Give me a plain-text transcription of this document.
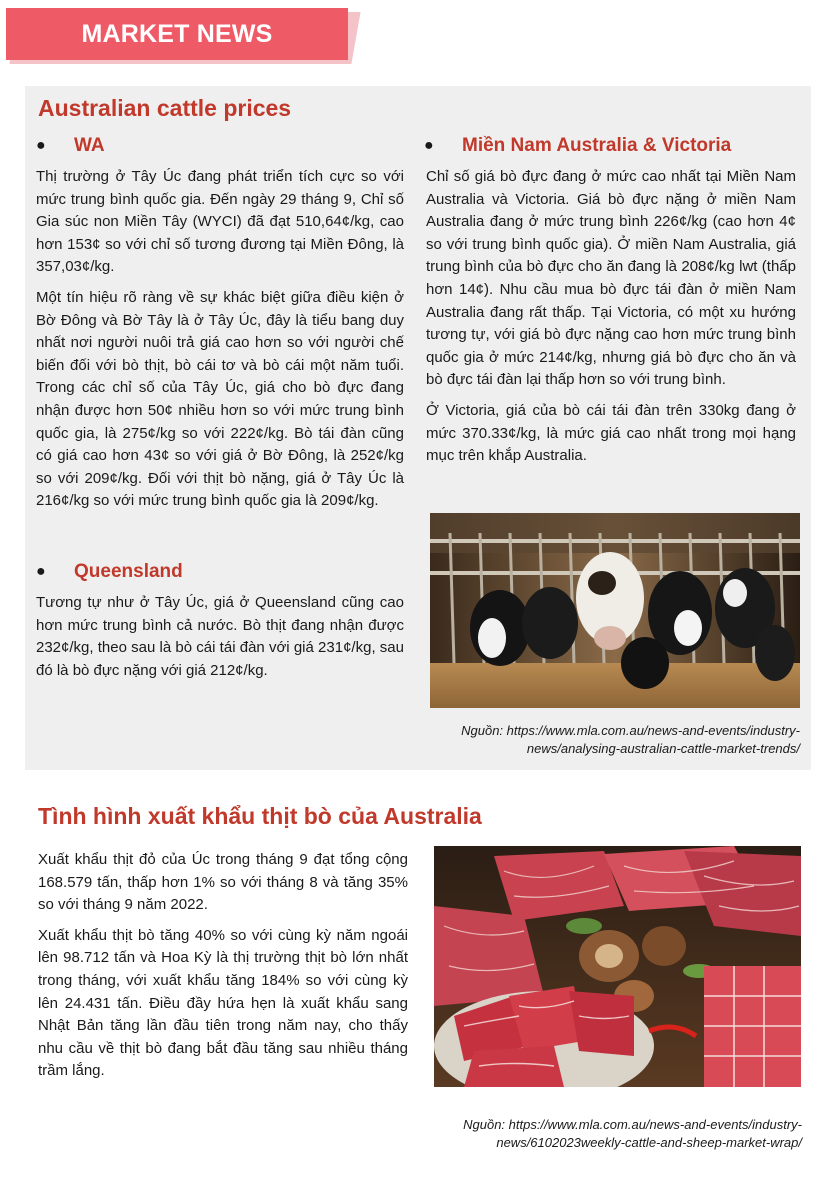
MARKET NEWS
Australian cattle prices
●	WA

Thị trường ở Tây Úc đang phát triển tích cực so với mức trung bình quốc gia. Đến ngày 29 tháng 9, Chỉ số Gia súc non Miền Tây (WYCI) đã đạt 510,64¢/kg, cao hơn 153¢ so với chỉ số tương đương tại Miền Đông, là 357,03¢/kg.

Một tín hiệu rõ ràng về sự khác biệt giữa điều kiện ở Bờ Đông và Bờ Tây là ở Tây Úc, đây là tiểu bang duy nhất nơi người nuôi trả giá cao hơn so với người chế biến đối với bò thịt, bò cái tơ và bò cái một năm tuổi. Trong các chỉ số của Tây Úc, giá cho bò đực đang nhận được hơn 50¢ nhiều hơn so với mức trung bình quốc gia, là 275¢/kg so với 222¢/kg. Bò tái đàn cũng có giá cao hơn 43¢ so với giá ở Bờ Đông, là 252¢/kg so với 209¢/kg. Đối với thịt bò nặng, giá ở Tây Úc là 216¢/kg so với mức trung bình quốc gia là 209¢/kg.

●	Queensland

Tương tự như ở Tây Úc, giá ở Queensland cũng cao hơn mức trung bình cả nước. Bò thịt đang nhận được 232¢/kg, theo sau là bò cái tái đàn với giá 231¢/kg, sau đó là bò đực nặng với giá 212¢/kg.

●	Miền Nam Australia & Victoria

Chỉ số giá bò đực đang ở mức cao nhất tại Miền Nam Australia và Victoria. Giá bò đực nặng ở miền Nam Australia đang ở mức trung bình 226¢/kg (cao hơn 4¢ so với trung bình quốc gia). Ở miền Nam Australia, giá trung bình của bò đực cho ăn đang là 208¢/kg lwt (thấp hơn 14¢). Nhu cầu mua bò đực tái đàn ở miền Nam Australia đang rất thấp. Tại Victoria, có một xu hướng tương tự, với giá bò đực nặng cao hơn mức trung bình quốc gia ở mức 214¢/kg, nhưng giá bò đực cho ăn và bò đực tái đàn lại thấp hơn so với trung bình.

Ở Victoria, giá của bò cái tái đàn trên 330kg đang ở mức 370.33¢/kg, là mức giá cao nhất trong mọi hạng mục trên khắp Australia.

Nguồn: https://www.mla.com.au/news-and-events/industry-
news/analysing-australian-cattle-market-trends/
Tình hình xuất khẩu thịt bò của Australia

Xuất khẩu thịt đỏ của Úc trong tháng 9 đạt tổng cộng 168.579 tấn, thấp hơn 1% so với tháng 8 và tăng 35% so với tháng 9 năm 2022.

Xuất khẩu thịt bò tăng 40% so với cùng kỳ năm ngoái lên 98.712 tấn và Hoa Kỳ là thị trường thịt bò lớn nhất trong tháng, với xuất khẩu tăng 184% so với cùng kỳ lên 24.431 tấn. Điều đầy hứa hẹn là xuất khẩu sang Nhật Bản tăng lần đầu tiên trong năm nay, cho thấy nhu cầu về thịt bò đang bắt đầu tăng sau nhiều tháng trầm lắng.

Nguồn: https://www.mla.com.au/news-and-events/industry-
news/6102023weekly-cattle-and-sheep-market-wrap/
